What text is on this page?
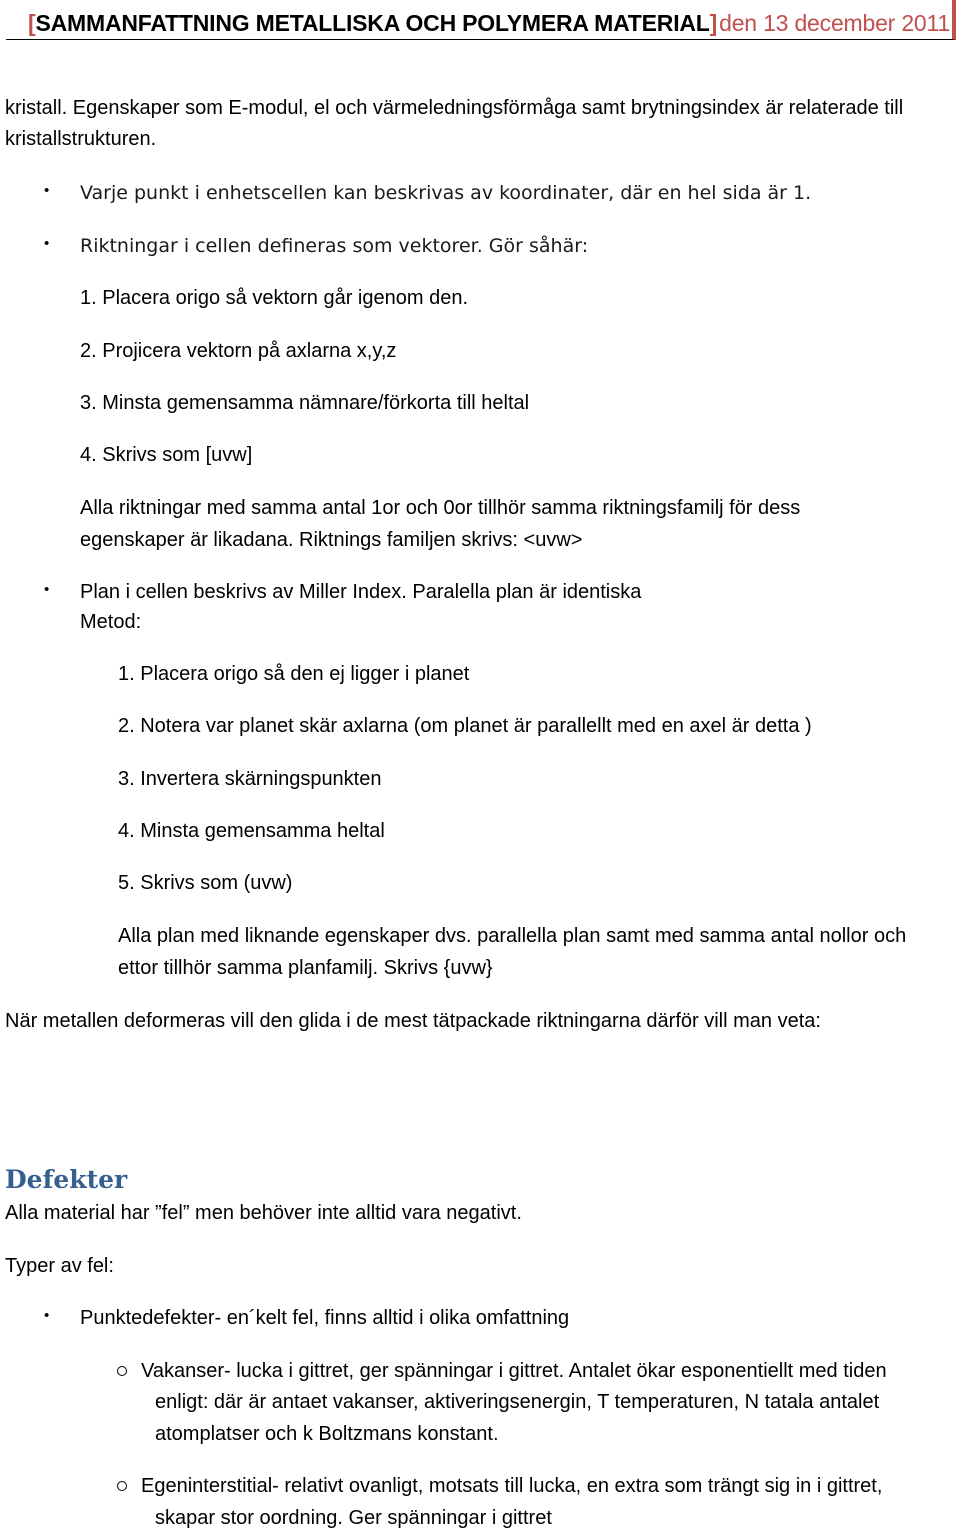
[SAMMANFATTNING METALLISKA OCH POLYMERA MATERIAL]den 13 december 2011
kristall. Egenskaper som E-modul, el och värmeledningsförmåga samt brytningsindex är relaterade till
kristallstrukturen.
• Varje punkt i enhetscellen kan beskrivas av koordinater, där en hel sida är 1.
• Riktningar i cellen defineras som vektorer. Gör såhär:
1. Placera origo så vektorn går igenom den.
2. Projicera vektorn på axlarna x,y,z
3. Minsta gemensamma nämnare/förkorta till heltal
4. Skrivs som [uvw]
Alla riktningar med samma antal 1or och 0or tillhör samma riktningsfamilj för dess
egenskaper är likadana. Riktnings familjen skrivs: <uvw>
• Plan i cellen beskrivs av Miller Index. Paralella plan är identiska
Metod:
1. Placera origo så den ej ligger i planet
2. Notera var planet skär axlarna (om planet är parallellt med en axel är detta )
3. Invertera skärningspunkten
4. Minsta gemensamma heltal
5. Skrivs som (uvw)
Alla plan med liknande egenskaper dvs. parallella plan samt med samma antal nollor och
ettor tillhör samma planfamilj. Skrivs {uvw}
När metallen deformeras vill den glida i de mest tätpackade riktningarna därför vill man veta:
Defekter
Alla material har ”fel” men behöver inte alltid vara negativt.
Typer av fel:
• Punktedefekter- en´kelt fel, finns alltid i olika omfattning
Vakanser- lucka i gittret, ger spänningar i gittret. Antalet ökar esponentiellt med tiden
enligt: där är antaet vakanser, aktiveringsenergin, T temperaturen, N tatala antalet
atomplatser och k Boltzmans konstant.
Egeninterstitial- relativt ovanligt, motsats till lucka, en extra som trängt sig in i gittret,
skapar stor oordning. Ger spänningar i gittret
